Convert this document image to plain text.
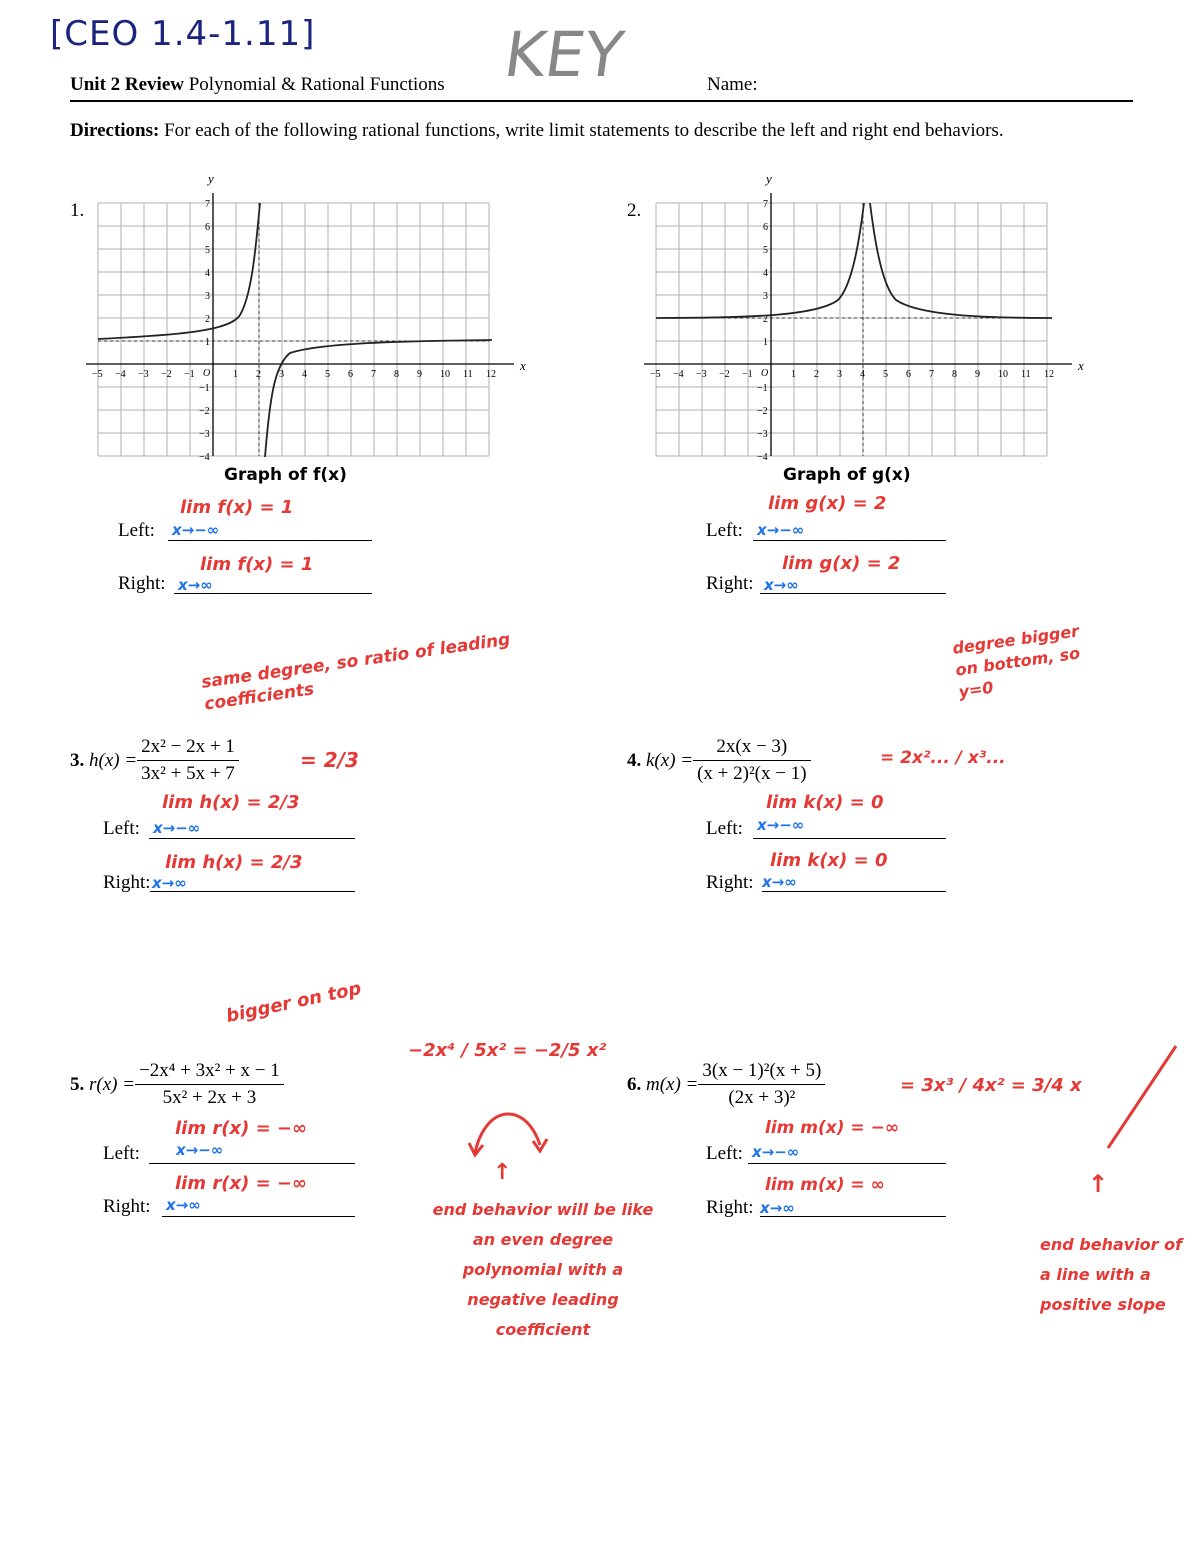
[CEO 1.4-1.11]	KEY
Unit 2 Review Polynomial & Rational Functions	Name:
Directions: For each of the following rational functions, write limit statements to describe the left and right end behaviors.
1.
−5 −4 −3 −2 −1	1 2 3 4 5 6 7 8 9 10 11 12
−4
−3
−2
−1
1
2
3
4
5
6
7
O
y
x
Graph of f(x)
lim f(x) = 1
Left: x→−∞
lim f(x) = 1
Right: x→∞
2.
−5 −4 −3 −2 −1	1 2 3 4 5 6 7 8 9 10 11 12
−4
−3
−2
−1
1
2
3
4
5
6
7
O
y
x
Graph of g(x)
lim g(x) = 2
Left: x→−∞
lim g(x) = 2
Right: x→∞
same degree, so ratio of leading coefficients
3.
$h(x) = \frac{\text{2x² − 2x + 1}}{\text{3x² + 5x + 7}}$	= 2/3
lim h(x) = 2/3
Left: x→−∞
lim h(x) = 2/3
Right: x→∞
degree bigger on bottom, so y=0
4.
$k(x) = \frac{2x(x - 3)}{\text{(x + 2)²(x − 1)}}$	= 2x²... / x³...
lim k(x) = 0
Left: x→−∞
lim k(x) = 0
Right: x→∞
bigger on top
5.
$r(x) = \frac{\text{−2x⁴ + 3x² + x − 1}}{\text{5x² + 2x + 3}}$
−2x⁴ / 5x² = −2/5 x²
↑
end behavior will be like an even degree polynomial with a negative leading coefficient
lim r(x) = −∞
Left: x→−∞
lim r(x) = −∞
Right: x→∞
6.
$m(x) = \frac{\text{3(x − 1)²(x + 5)}}{\text{(2x + 3)²}}$	= 3x³ / 4x² = 3/4 x
↑
end behavior of a line with a positive slope
lim m(x) = −∞
Left: x→−∞
lim m(x) = ∞
Right: x→∞
